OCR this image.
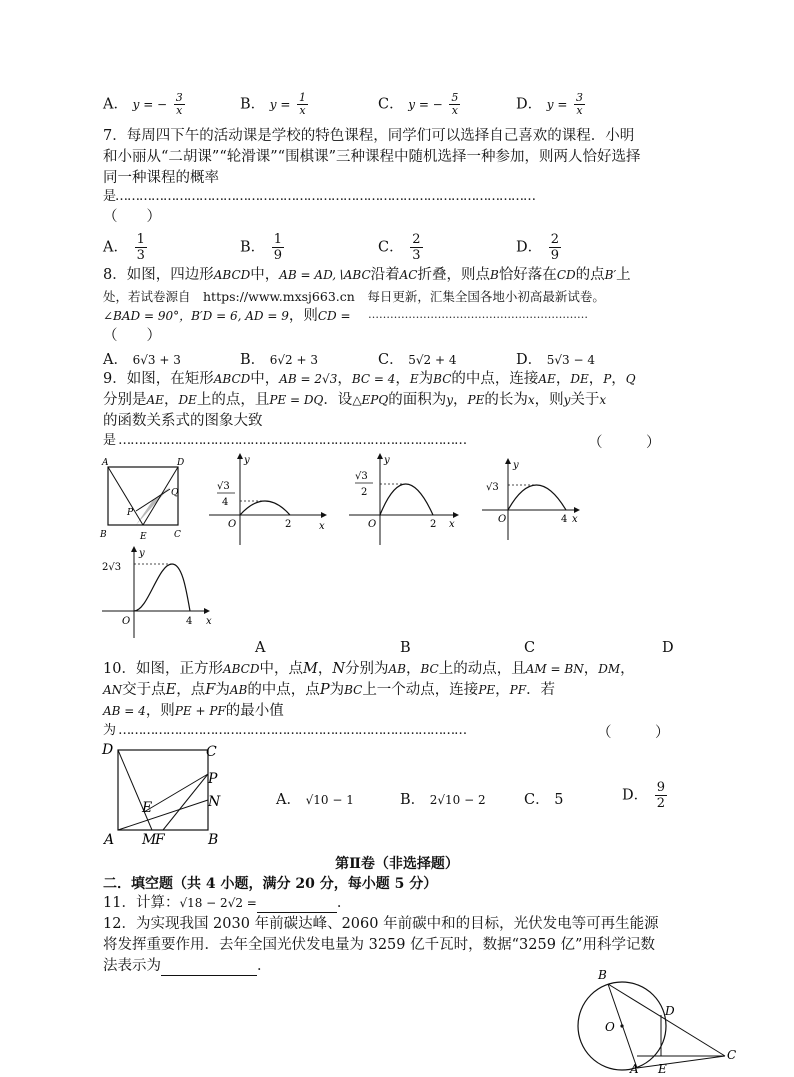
A． y = − $\frac{3}{x}$	B． $y = \frac{1}{x}$	C． y = − $\frac{5}{x}$	D． $y = \frac{3}{x}$
7．每周四下午的活动课是学校的特色课程，同学们可以选择自己喜欢的课程．小明
和小丽从“二胡课”“轮滑课”“围棋课”三种课程中随机选择一种参加，则两人恰好选择
同一种课程的概率
是……………………………………………………………………………………………
（　　）
A． $\frac{1}{3}$	B． $\frac{1}{9}$	C． $\frac{2}{3}$	D． $\frac{2}{9}$
8．如图，四边形ABCD中，AB = AD,∖ABC沿着AC折叠，则点B恰好落在CD的点B′上
处，若试卷源自　https://www.mxsj663.cn　每日更新，汇集全国各地小初高最新试卷。
∠BAD = 90°，B′D = 6, AD = 9，则CD = ……………………………………………………
（　　）
A． 6√3 + 3	B． 6√2 + 3	C． 5√2 + 4	D． 5√3 − 4
9．如图，在矩形ABCD中，AB = 2√3，BC = 4，E为BC的中点，连接AE，DE，P，Q
分别是AE，DE上的点，且PE = DQ．设△EPQ的面积为y，PE的长为x，则y关于x
的函数关系式的图象大致
是 ……………………………………………………………………………	（　　　）
A	D
B	E	C
P
Q
y
x
O
√3
4
2
y
x
O
√3
2
2
y
x
O
√3
4
y
x
O
2√3
4
A	B	C	D
10．如图，正方形ABCD中，点M，N分别为AB，BC上的动点，且AM = BN，DM，
AN交于点E，点F为AB的中点，点P为BC上一个动点，连接PE，PF．若
AB = 4，则PE + PF的最小值
为 ……………………………………………………………………………	（　　　）
D	C
A	B
M
F
E	N
P
A． √10 − 1	B． 2√10 − 2	C． 5	D． $\frac{9}{2}$
第Ⅱ卷（非选择题）
二．填空题（共 4 小题，满分 20 分，每小题 5 分）
11．计算：√18 − 2√2 =	．
12．为实现我国 2030 年前碳达峰、2060 年前碳中和的目标，光伏发电等可再生能源
将发挥重要作用．去年全国光伏发电量为 3259 亿千瓦时，数据“3259 亿”用科学记数
法表示为	．
B
O
D
C
A E
